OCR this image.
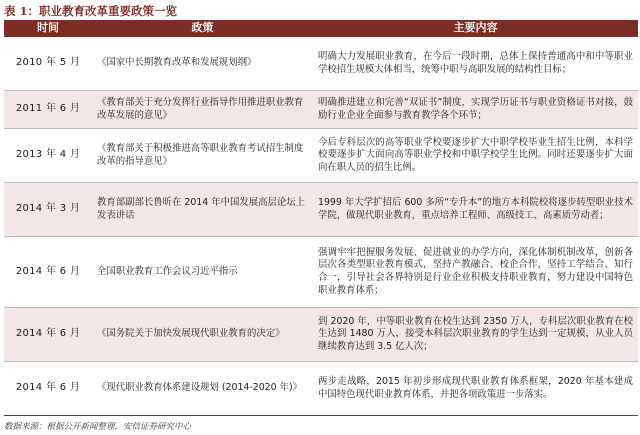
表 1：职业教育改革重要政策一览
时间	政策	主要内容
2010 年 5 月	《国家中长期教育改革和发展规划纲》	明确大力发展职业教育，在今后一段时期，总体上保持普通高中和中等职业学校招生规模大体相当，统筹中职与高职发展的结构性目标；
2011 年 6 月	《教育部关于充分发挥行业指导作用推进职业教育改革发展的意见》	明确推进建立和完善“双证书”制度，实现学历证书与职业资格证书对接，鼓励行业企业全面参与教育教学各个环节；
2013 年 4 月	《教育部关于积极推进高等职业教育考试招生制度改革的指导意见》	今后专科层次的高等职业学校要逐步扩大中职学校毕业生招生比例，本科学校要逐步扩大面向高等职业学校和中职学校学生比例。同时还要逐步扩大面向在职人员的招生比例。
2014 年 3 月	教育部副部长鲁昕在 2014 年中国发展高层论坛上发表讲话	1999 年大学扩招后 600 多所“专升本”的地方本科院校将逐步转型职业技术学院，做现代职业教育，重点培养工程师、高级技工、高素质劳动者；
2014 年 6 月	全国职业教育工作会议习近平指示	强调牢牢把握服务发展、促进就业的办学方向，深化体制机制改革，创新各层次各类型职业教育模式，坚持产教融合、校企合作，坚持工学结合、知行合一，引导社会各界特别是行业企业积极支持职业教育，努力建设中国特色职业教育体系；
2014 年 6 月	《国务院关于加快发展现代职业教育的决定》	到 2020 年，中等职业教育在校生达到 2350 万人，专科层次职业教育在校生达到 1480 万人，接受本科层次职业教育的学生达到一定规模，从业人员继续教育达到 3.5 亿人次；
2014 年 6 月	《现代职业教育体系建设规划 (2014-2020 年)》	两步走战略，2015 年初步形成现代职业教育体系框架，2020 年基本建成中国特色现代职业教育体系，并把各项政策进一步落实。
数据来源：根据公开新闻整理，安信证券研究中心
